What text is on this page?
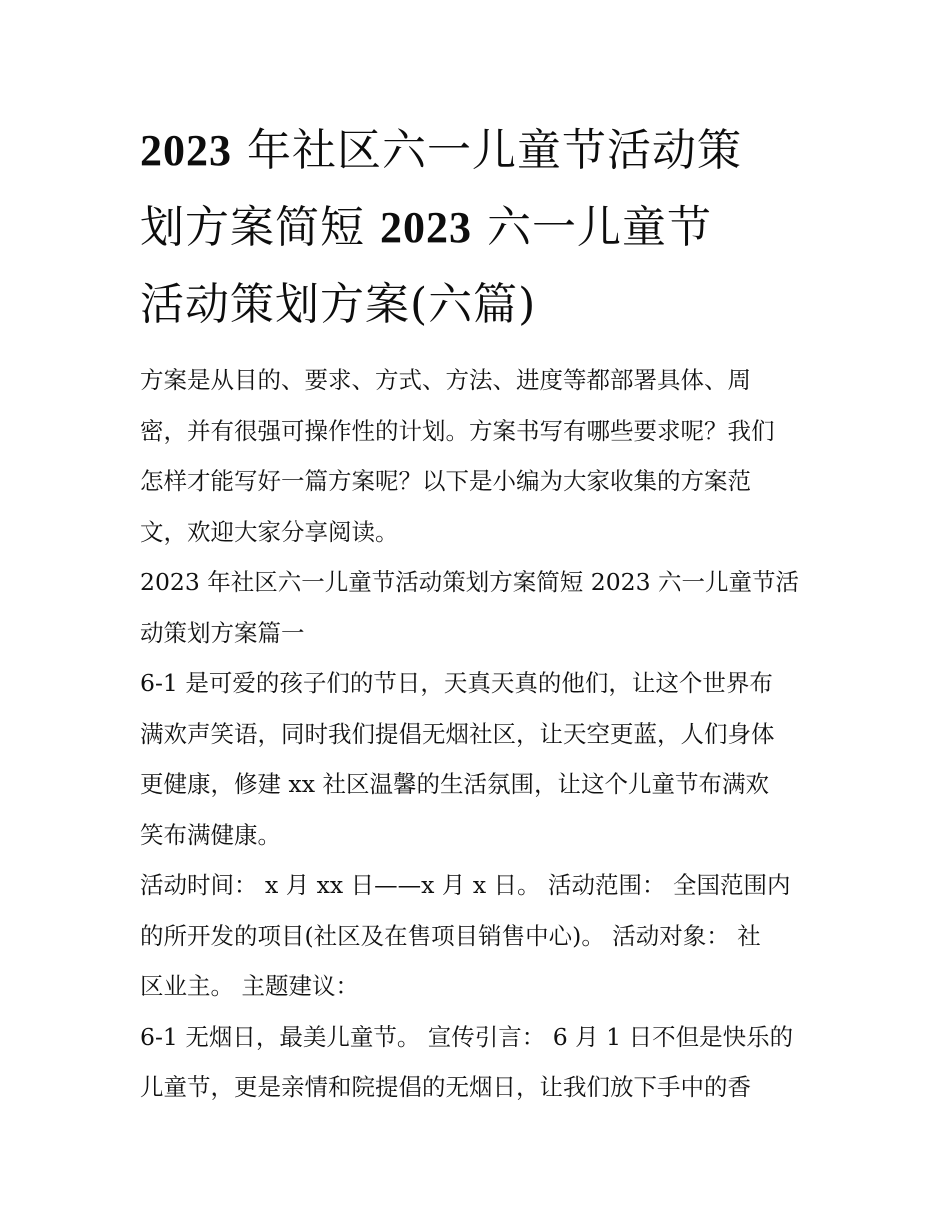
2023 年社区六一儿童节活动策
划方案简短 2023 六一儿童节
活动策划方案(六篇)

方案是从目的、要求、方式、方法、进度等都部署具体、周
密，并有很强可操作性的计划。方案书写有哪些要求呢？我们
怎样才能写好一篇方案呢？以下是小编为大家收集的方案范
文，欢迎大家分享阅读。

2023 年社区六一儿童节活动策划方案简短 2023 六一儿童节活
动策划方案篇一

6-1 是可爱的孩子们的节日，天真天真的他们，让这个世界布
满欢声笑语，同时我们提倡无烟社区，让天空更蓝，人们身体
更健康，修建 xx 社区温馨的生活氛围，让这个儿童节布满欢
笑布满健康。

活动时间： x 月 xx 日——x 月 x 日。 活动范围： 全国范围内
的所开发的项目(社区及在售项目销售中心)。 活动对象： 社
区业主。 主题建议：

6-1 无烟日，最美儿童节。 宣传引言： 6 月 1 日不但是快乐的
儿童节，更是亲情和院提倡的无烟日，让我们放下手中的香
